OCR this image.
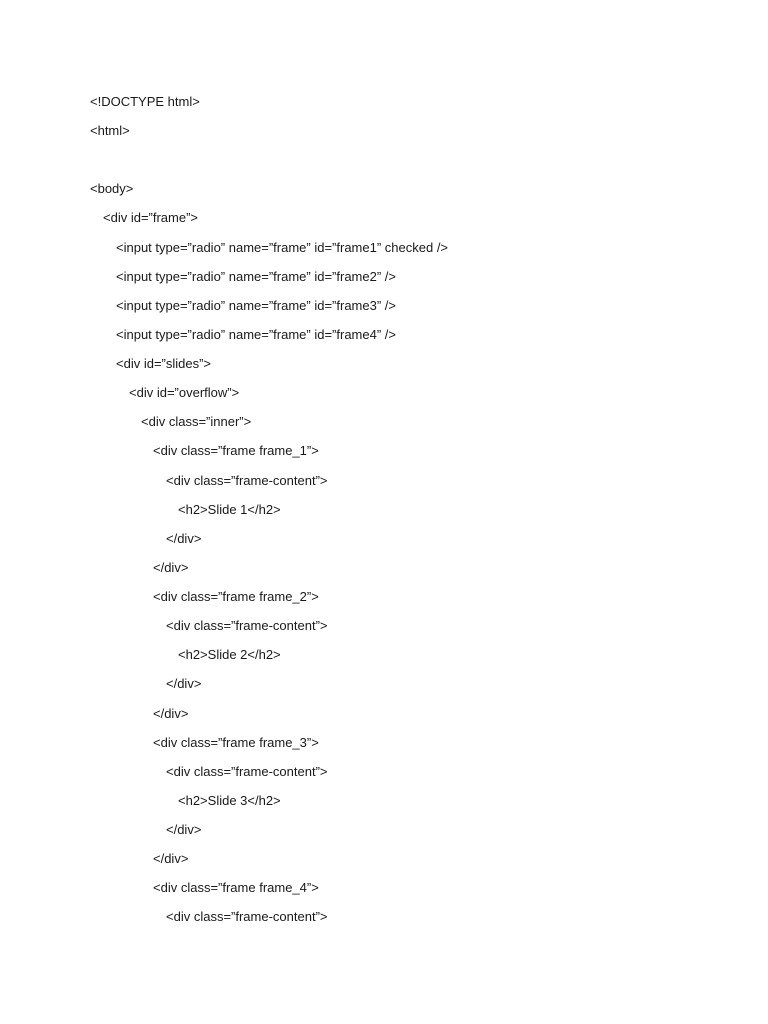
<!DOCTYPE html>
<html>
<body>
<div id=”frame”>
<input type=”radio” name=”frame” id=”frame1” checked />
<input type=”radio” name=”frame” id=”frame2” />
<input type=”radio” name=”frame” id=”frame3” />
<input type=”radio” name=”frame” id=”frame4” />
<div id=”slides”>
<div id=”overflow”>
<div class=”inner”>
<div class=”frame frame_1”>
<div class=”frame-content”>
<h2>Slide 1</h2>
</div>
</div>
<div class=”frame frame_2”>
<div class=”frame-content”>
<h2>Slide 2</h2>
</div>
</div>
<div class=”frame frame_3”>
<div class=”frame-content”>
<h2>Slide 3</h2>
</div>
</div>
<div class=”frame frame_4”>
<div class=”frame-content”>
